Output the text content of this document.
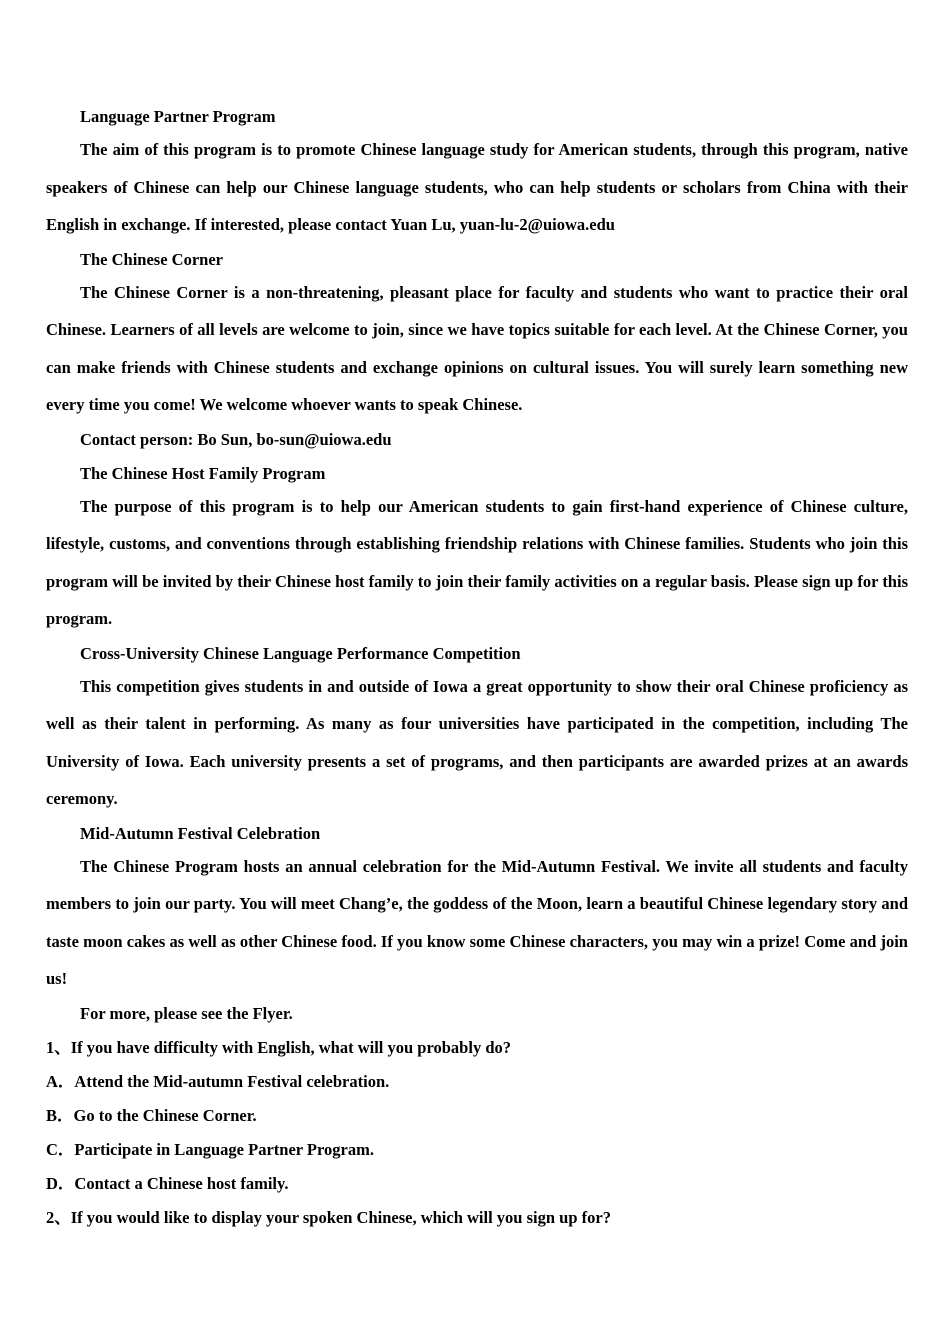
Language Partner Program

The aim of this program is to promote Chinese language study for American students, through this program, native speakers of Chinese can help our Chinese language students, who can help students or scholars from China with their English in exchange. If interested, please contact Yuan Lu, yuan-lu-2@uiowa.edu

The Chinese Corner

The Chinese Corner is a non-threatening, pleasant place for faculty and students who want to practice their oral Chinese. Learners of all levels are welcome to join, since we have topics suitable for each level. At the Chinese Corner, you can make friends with Chinese students and exchange opinions on cultural issues. You will surely learn something new every time you come! We welcome whoever wants to speak Chinese.

Contact person: Bo Sun, bo-sun@uiowa.edu

The Chinese Host Family Program

The purpose of this program is to help our American students to gain first-hand experience of Chinese culture, lifestyle, customs, and conventions through establishing friendship relations with Chinese families. Students who join this program will be invited by their Chinese host family to join their family activities on a regular basis. Please sign up for this program.

Cross-University Chinese Language Performance Competition

This competition gives students in and outside of Iowa a great opportunity to show their oral Chinese proficiency as well as their talent in performing. As many as four universities have participated in the competition, including The University of Iowa. Each university presents a set of programs, and then participants are awarded prizes at an awards ceremony.

Mid-Autumn Festival Celebration

The Chinese Program hosts an annual celebration for the Mid-Autumn Festival. We invite all students and faculty members to join our party. You will meet Chang’e, the goddess of the Moon, learn a beautiful Chinese legendary story and taste moon cakes as well as other Chinese food. If you know some Chinese characters, you may win a prize! Come and join us!

For more, please see the Flyer.

1、If you have difficulty with English, what will you probably do?

A．Attend the Mid-autumn Festival celebration.

B．Go to the Chinese Corner.

C．Participate in Language Partner Program.

D．Contact a Chinese host family.

2、If you would like to display your spoken Chinese, which will you sign up for?
